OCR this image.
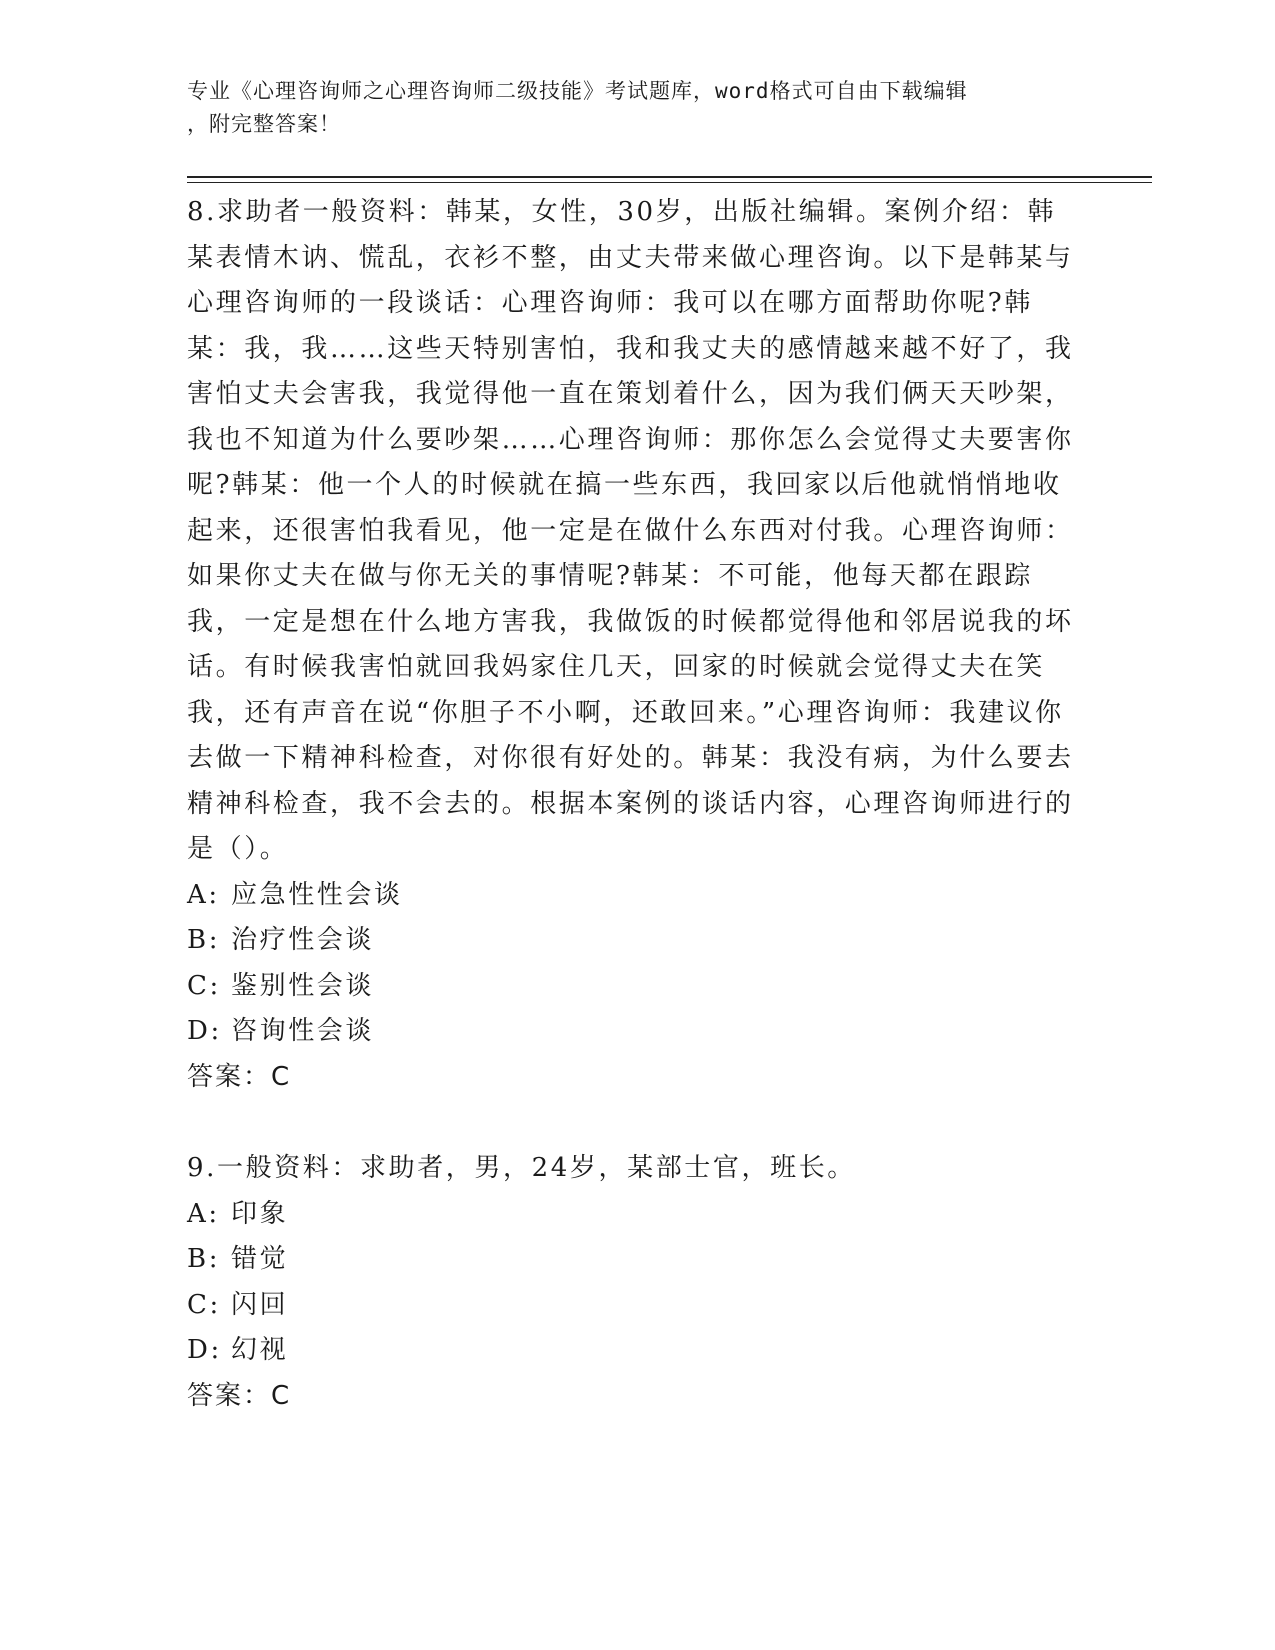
专业《心理咨询师之心理咨询师二级技能》考试题库，word格式可自由下载编辑
，附完整答案！

8.求助者一般资料：韩某，女性，30岁，出版社编辑。案例介绍：韩某表情木讷、慌乱，衣衫不整，由丈夫带来做心理咨询。以下是韩某与心理咨询师的一段谈话：心理咨询师：我可以在哪方面帮助你呢?韩某：我，我……这些天特别害怕，我和我丈夫的感情越来越不好了，我害怕丈夫会害我，我觉得他一直在策划着什么，因为我们俩天天吵架，我也不知道为什么要吵架……心理咨询师：那你怎么会觉得丈夫要害你呢?韩某：他一个人的时候就在搞一些东西，我回家以后他就悄悄地收起来，还很害怕我看见，他一定是在做什么东西对付我。心理咨询师：如果你丈夫在做与你无关的事情呢?韩某：不可能，他每天都在跟踪我，一定是想在什么地方害我，我做饭的时候都觉得他和邻居说我的坏话。有时候我害怕就回我妈家住几天，回家的时候就会觉得丈夫在笑我，还有声音在说“你胆子不小啊，还敢回来。”心理咨询师：我建议你去做一下精神科检查，对你很有好处的。韩某：我没有病，为什么要去精神科检查，我不会去的。根据本案例的谈话内容，心理咨询师进行的是（）。

A: 应急性性会谈

B: 治疗性会谈

C: 鉴别性会谈

D: 咨询性会谈

答案：C

9.一般资料：求助者，男，24岁，某部士官，班长。

A: 印象

B: 错觉

C: 闪回

D: 幻视

答案：C
